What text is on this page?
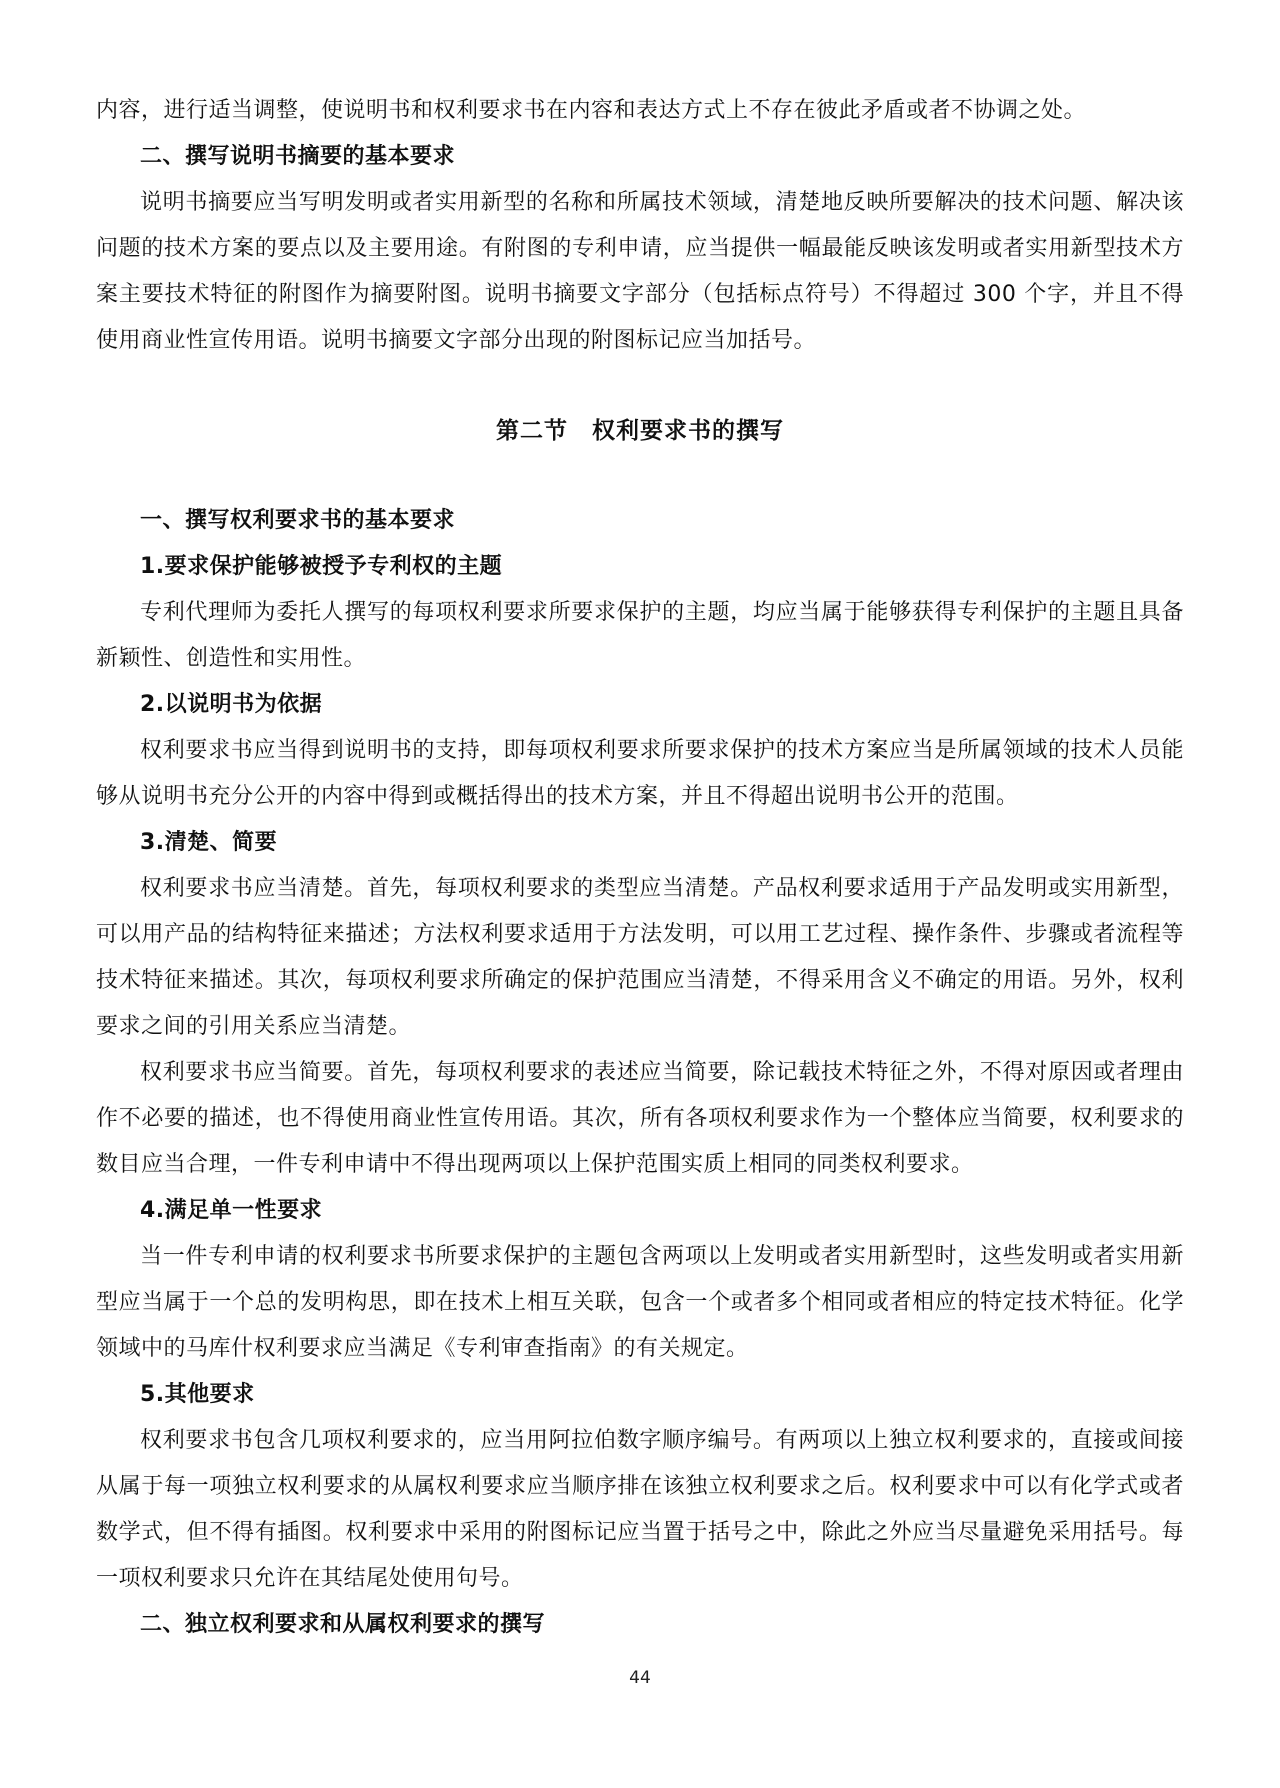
内容，进行适当调整，使说明书和权利要求书在内容和表达方式上不存在彼此矛盾或者不协调之处。

二、撰写说明书摘要的基本要求

说明书摘要应当写明发明或者实用新型的名称和所属技术领域，清楚地反映所要解决的技术问题、解决该问题的技术方案的要点以及主要用途。有附图的专利申请，应当提供一幅最能反映该发明或者实用新型技术方案主要技术特征的附图作为摘要附图。说明书摘要文字部分（包括标点符号）不得超过 300 个字，并且不得使用商业性宣传用语。说明书摘要文字部分出现的附图标记应当加括号。

第二节　权利要求书的撰写

一、撰写权利要求书的基本要求

1.要求保护能够被授予专利权的主题

专利代理师为委托人撰写的每项权利要求所要求保护的主题，均应当属于能够获得专利保护的主题且具备新颖性、创造性和实用性。

2.以说明书为依据

权利要求书应当得到说明书的支持，即每项权利要求所要求保护的技术方案应当是所属领域的技术人员能够从说明书充分公开的内容中得到或概括得出的技术方案，并且不得超出说明书公开的范围。

3.清楚、简要

权利要求书应当清楚。首先，每项权利要求的类型应当清楚。产品权利要求适用于产品发明或实用新型，可以用产品的结构特征来描述；方法权利要求适用于方法发明，可以用工艺过程、操作条件、步骤或者流程等技术特征来描述。其次，每项权利要求所确定的保护范围应当清楚，不得采用含义不确定的用语。另外，权利要求之间的引用关系应当清楚。

权利要求书应当简要。首先，每项权利要求的表述应当简要，除记载技术特征之外，不得对原因或者理由作不必要的描述，也不得使用商业性宣传用语。其次，所有各项权利要求作为一个整体应当简要，权利要求的数目应当合理，一件专利申请中不得出现两项以上保护范围实质上相同的同类权利要求。

4.满足单一性要求

当一件专利申请的权利要求书所要求保护的主题包含两项以上发明或者实用新型时，这些发明或者实用新型应当属于一个总的发明构思，即在技术上相互关联，包含一个或者多个相同或者相应的特定技术特征。化学领域中的马库什权利要求应当满足《专利审查指南》的有关规定。

5.其他要求

权利要求书包含几项权利要求的，应当用阿拉伯数字顺序编号。有两项以上独立权利要求的，直接或间接从属于每一项独立权利要求的从属权利要求应当顺序排在该独立权利要求之后。权利要求中可以有化学式或者数学式，但不得有插图。权利要求中采用的附图标记应当置于括号之中，除此之外应当尽量避免采用括号。每一项权利要求只允许在其结尾处使用句号。

二、独立权利要求和从属权利要求的撰写

44
